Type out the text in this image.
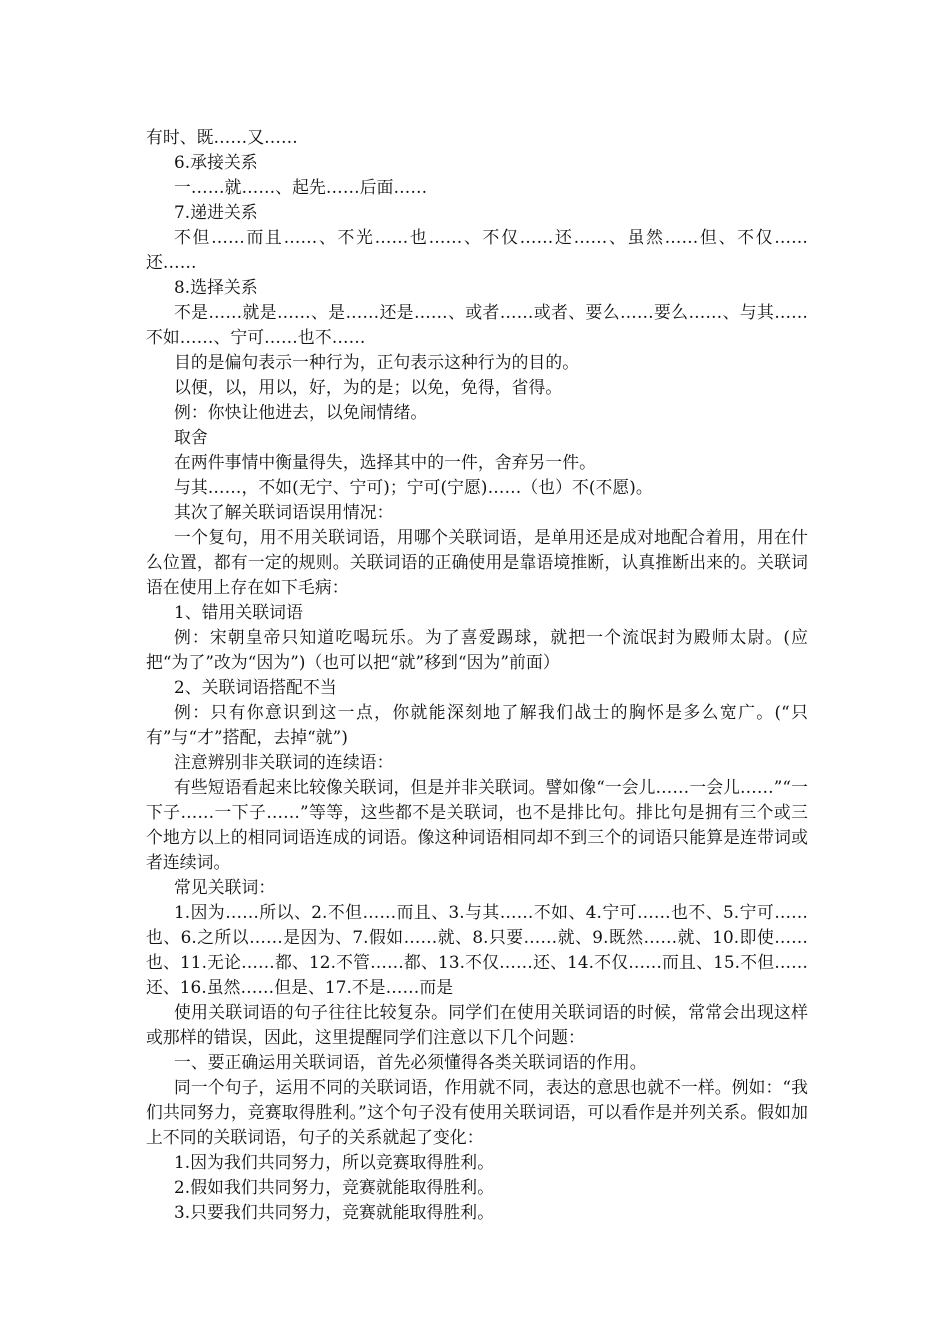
有时、既……又……

6.承接关系

一……就……、起先……后面……

7.递进关系

不但……而且……、不光……也……、不仅……还……、虽然……但、不仅……还……

8.选择关系

不是……就是……、是……还是……、或者……或者、要么……要么……、与其……不如……、宁可……也不……

目的是偏句表示一种行为，正句表示这种行为的目的。

以便，以，用以，好，为的是；以免，免得，省得。

例：你快让他进去，以免闹情绪。

取舍

在两件事情中衡量得失，选择其中的一件，舍弃另一件。

与其……，不如(无宁、宁可)；宁可(宁愿)……（也）不(不愿)。

其次了解关联词语误用情况：

一个复句，用不用关联词语，用哪个关联词语，是单用还是成对地配合着用，用在什么位置，都有一定的规则。关联词语的正确使用是靠语境推断，认真推断出来的。关联词语在使用上存在如下毛病：

1、错用关联词语

例：宋朝皇帝只知道吃喝玩乐。为了喜爱踢球，就把一个流氓封为殿师太尉。(应把“为了”改为“因为”)（也可以把“就”移到“因为”前面）

2、关联词语搭配不当

例：只有你意识到这一点，你就能深刻地了解我们战士的胸怀是多么宽广。(“只有”与“才”搭配，去掉“就”)

注意辨别非关联词的连续语：

有些短语看起来比较像关联词，但是并非关联词。譬如像“一会儿……一会儿……”“一下子……一下子……”等等，这些都不是关联词，也不是排比句。排比句是拥有三个或三个地方以上的相同词语连成的词语。像这种词语相同却不到三个的词语只能算是连带词或者连续词。

常见关联词：

1.因为……所以、2.不但……而且、3.与其……不如、4.宁可……也不、5.宁可……也、6.之所以……是因为、7.假如……就、8.只要……就、9.既然……就、10.即使……也、11.无论……都、12.不管……都、13.不仅……还、14.不仅……而且、15.不但……还、16.虽然……但是、17.不是……而是

使用关联词语的句子往往比较复杂。同学们在使用关联词语的时候，常常会出现这样或那样的错误，因此，这里提醒同学们注意以下几个问题：

一、要正确运用关联词语，首先必须懂得各类关联词语的作用。

同一个句子，运用不同的关联词语，作用就不同，表达的意思也就不一样。例如：“我们共同努力，竞赛取得胜利。”这个句子没有使用关联词语，可以看作是并列关系。假如加上不同的关联词语，句子的关系就起了变化：

1.因为我们共同努力，所以竞赛取得胜利。

2.假如我们共同努力，竞赛就能取得胜利。

3.只要我们共同努力，竞赛就能取得胜利。
